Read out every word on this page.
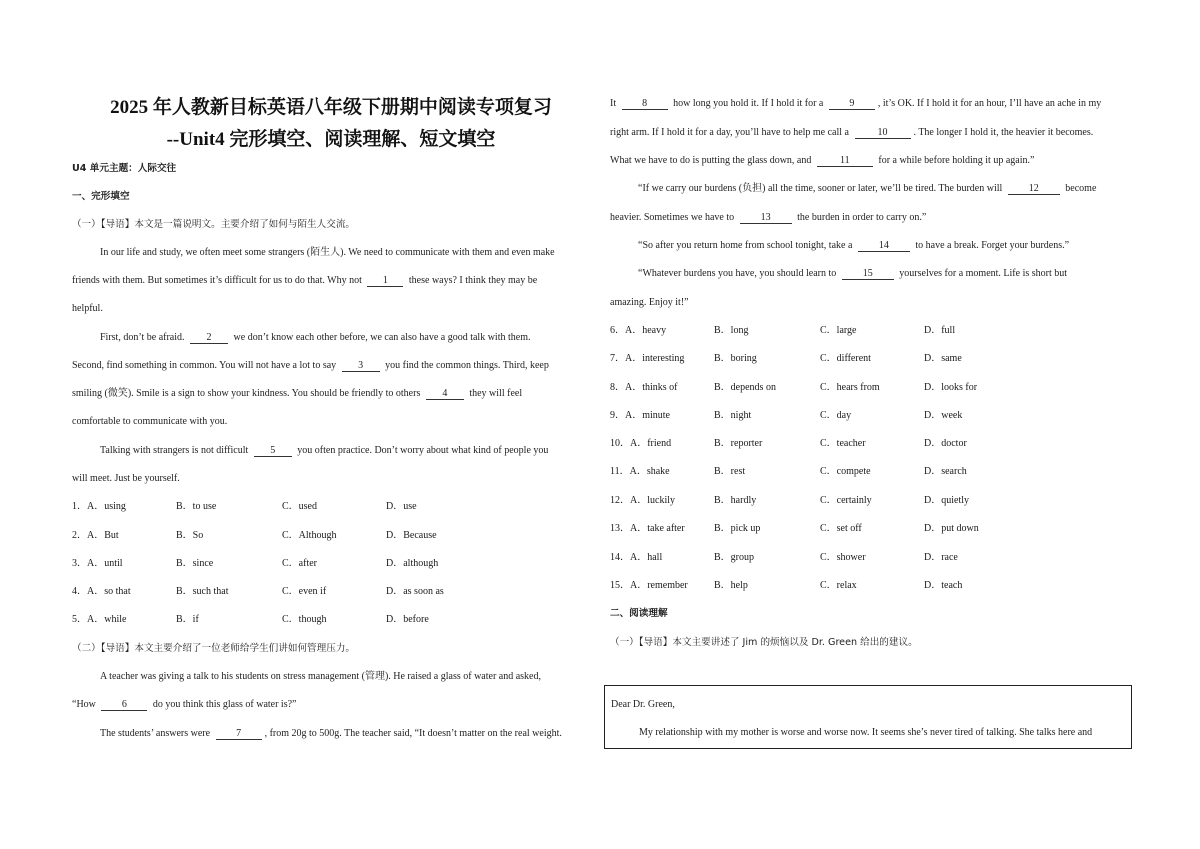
2025 年人教新目标英语八年级下册期中阅读专项复习
--Unit4 完形填空、阅读理解、短文填空
U4 单元主题：人际交往
一、完形填空
（一）【导语】本文是一篇说明文。主要介绍了如何与陌生人交流。
In our life and study, we often meet some strangers (陌生人). We need to communicate with them and even make
friends with them. But sometimes it’s difficult for us to do that. Why not 1 these ways? I think they may be
helpful.
First, don’t be afraid. 2 we don’t know each other before, we can also have a good talk with them.
Second, find something in common. You will not have a lot to say 3 you find the common things. Third, keep
smiling (微笑). Smile is a sign to show your kindness. You should be friendly to others 4 they will feel
comfortable to communicate with you.
Talking with strangers is not difficult 5 you often practice. Don’t worry about what kind of people you
will meet. Just be yourself.
1．A．using	B．to use	C．used	D．use
2．A．But	B．So	C．Although	D．Because
3．A．until	B．since	C．after	D．although
4．A．so that	B．such that	C．even if	D．as soon as
5．A．while	B．if	C．though	D．before
（二）【导语】本文主要介绍了一位老师给学生们讲如何管理压力。
A teacher was giving a talk to his students on stress management (管理). He raised a glass of water and asked,
“How	6	do you think this glass of water is?”
The students’ answers were	7 , from 20g to 500g. The teacher said, “It doesn’t matter on the real weight.
It	8	how long you hold it. If I hold it for a	9 , it’s OK. If I hold it for an hour, I’ll have an ache in my
right arm. If I hold it for a day, you’ll have to help me call a	10	. The longer I hold it, the heavier it becomes.
What we have to do is putting the glass down, and	11	for a while before holding it up again.”
“If we carry our burdens (负担) all the time, sooner or later, we’ll be tired. The burden will	12	become
heavier. Sometimes we have to	13	the burden in order to carry on.”
“So after you return home from school tonight, take a	14	to have a break. Forget your burdens.”
“Whatever burdens you have, you should learn to	15	yourselves for a moment. Life is short but
amazing. Enjoy it!”
6．A．heavy	B．long	C．large	D．full
7．A．interesting	B．boring	C．different	D．same
8．A．thinks of	B．depends on	C．hears from	D．looks for
9．A．minute	B．night	C．day	D．week
10．A．friend	B．reporter	C．teacher	D．doctor
11．A．shake	B．rest	C．compete	D．search
12．A．luckily	B．hardly	C．certainly	D．quietly
13．A．take after	B．pick up	C．set off	D．put down
14．A．hall	B．group	C．shower	D．race
15．A．remember	B．help	C．relax	D．teach
二、阅读理解
（一）【导语】本文主要讲述了 Jim 的烦恼以及 Dr. Green 给出的建议。
Dear Dr. Green,
My relationship with my mother is worse and worse now. It seems she’s never tired of talking. She talks here and
